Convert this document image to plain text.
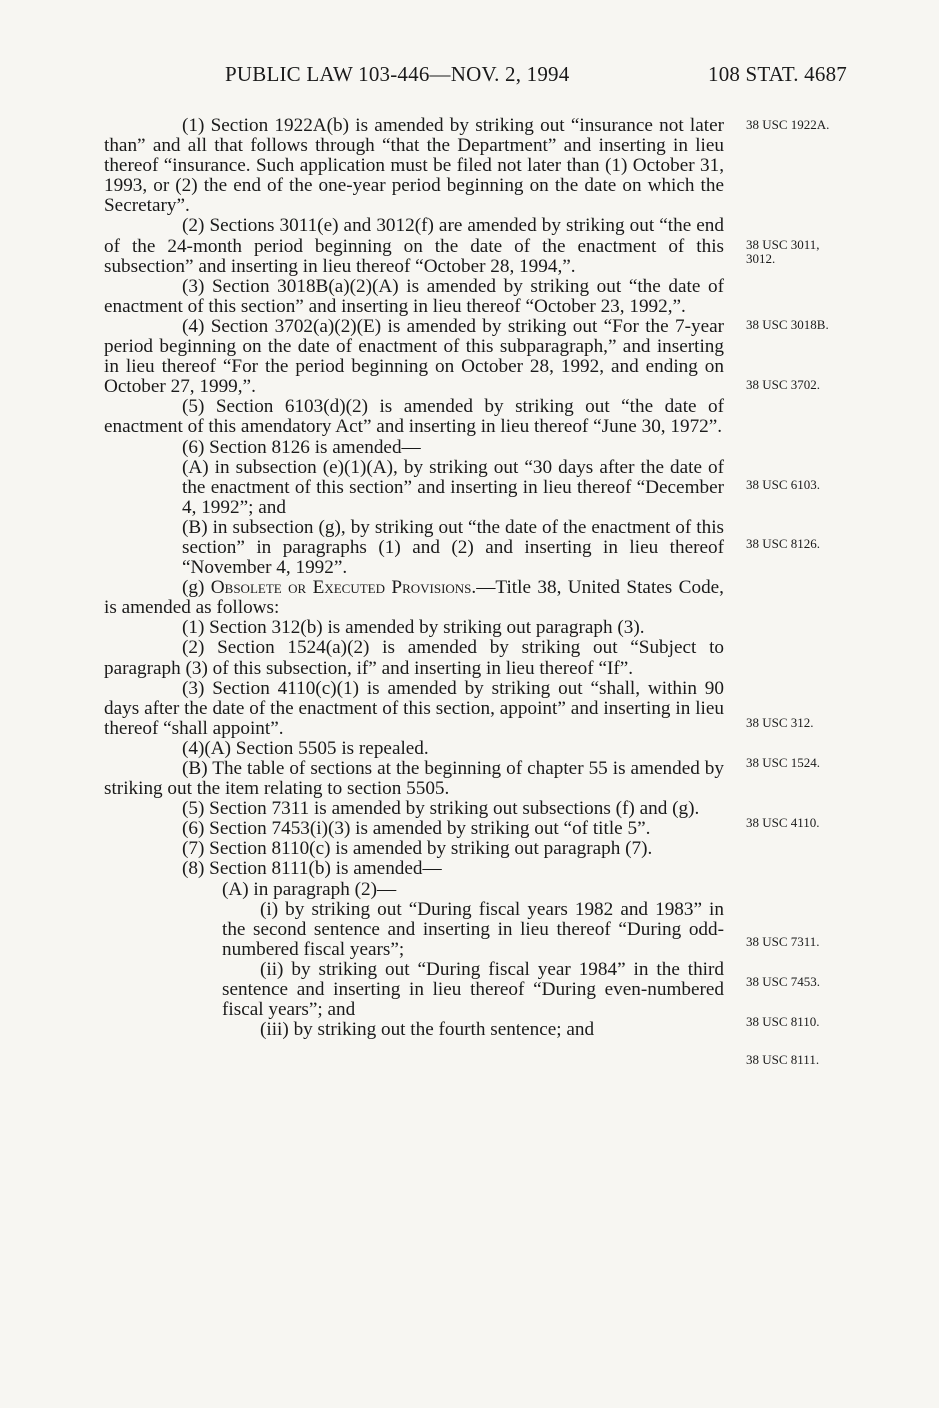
PUBLIC LAW 103-446—NOV. 2, 1994	108 STAT. 4687

(1) Section 1922A(b) is amended by striking out “insurance not later than” and all that follows through “that the Department” and inserting in lieu thereof “insurance. Such application must be filed not later than (1) October 31, 1993, or (2) the end of the one-year period beginning on the date on which the Secretary”.

(2) Sections 3011(e) and 3012(f) are amended by striking out “the end of the 24-month period beginning on the date of the enactment of this subsection” and inserting in lieu thereof “October 28, 1994,”.

(3) Section 3018B(a)(2)(A) is amended by striking out “the date of enactment of this section” and inserting in lieu thereof “October 23, 1992,”.

(4) Section 3702(a)(2)(E) is amended by striking out “For the 7-year period beginning on the date of enactment of this subparagraph,” and inserting in lieu thereof “For the period beginning on October 28, 1992, and ending on October 27, 1999,”.

(5) Section 6103(d)(2) is amended by striking out “the date of enactment of this amendatory Act” and inserting in lieu thereof “June 30, 1972”.

(6) Section 8126 is amended—

(A) in subsection (e)(1)(A), by striking out “30 days after the date of the enactment of this section” and inserting in lieu thereof “December 4, 1992”; and

(B) in subsection (g), by striking out “the date of the enactment of this section” in paragraphs (1) and (2) and inserting in lieu thereof “November 4, 1992”.

(g) Obsolete or Executed Provisions.—Title 38, United States Code, is amended as follows:

(1) Section 312(b) is amended by striking out paragraph (3).

(2) Section 1524(a)(2) is amended by striking out “Subject to paragraph (3) of this subsection, if” and inserting in lieu thereof “If”.

(3) Section 4110(c)(1) is amended by striking out “shall, within 90 days after the date of the enactment of this section, appoint” and inserting in lieu thereof “shall appoint”.

(4)(A) Section 5505 is repealed.

(B) The table of sections at the beginning of chapter 55 is amended by striking out the item relating to section 5505.

(5) Section 7311 is amended by striking out subsections (f) and (g).

(6) Section 7453(i)(3) is amended by striking out “of title 5”.

(7) Section 8110(c) is amended by striking out paragraph (7).

(8) Section 8111(b) is amended—

(A) in paragraph (2)—

(i) by striking out “During fiscal years 1982 and 1983” in the second sentence and inserting in lieu thereof “During odd-numbered fiscal years”;

(ii) by striking out “During fiscal year 1984” in the third sentence and inserting in lieu thereof “During even-numbered fiscal years”; and

(iii) by striking out the fourth sentence; and

38 USC 1922A.
38 USC 3011,
3012.
38 USC 3018B.
38 USC 3702.
38 USC 6103.
38 USC 8126.
38 USC 312.
38 USC 1524.
38 USC 4110.
38 USC 7311.
38 USC 7453.
38 USC 8110.
38 USC 8111.
